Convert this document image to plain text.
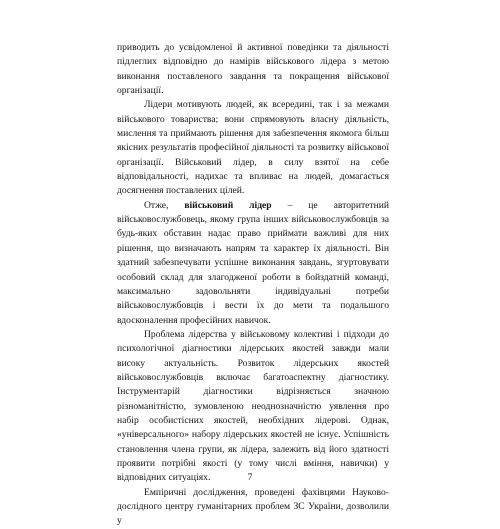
приводить до усвідомленої й активної поведінки та діяльності підлеглих відповідно до намірів військового лідера з метою виконання поставленого завдання та покращення військової організації.

Лідери мотивують людей, як всередині, так і за межами військового товариства; вони спрямовують власну діяльність, мислення та приймають рішення для забезпечення якомога більш якісних результатів професійної діяльності та розвитку військової організації. Військовий лідер, в силу взятої на себе відповідальності, надихає та впливає на людей, домагається досягнення поставлених цілей.

Отже, військовий лідер – це авторитетний військовослужбовець, якому група інших військовослужбовців за будь-яких обставин надає право приймати важливі для них рішення, що визначають напрям та характер їх діяльності. Він здатний забезпечувати успішне виконання завдань, згуртовувати особовий склад для злагодженої роботи в бойздатній команді, максимально задовольняти індивідуальні потреби військовослужбовців і вести їх до мети та подальшого вдосконалення професійних навичок.

Проблема лідерства у військовому колективі і підходи до психологічної діагностики лідерських якостей завжди мали високу актуальність. Розвиток лідерських якостей військовослужбовців включає багатоаспектну діагностику. Інструментарій діагностики відрізняється значною різноманітністю, зумовленою неоднозначністю уявлення про набір особистісних якостей, необхідних лідерові. Однак, «універсального» набору лідерських якостей не існує. Успішність становлення члена групи, як лідера, залежить від його здатності проявити потрібні якості (у тому числі вміння, навички) у відповідних ситуаціях.

Емпіричні дослідження, проведені фахівцями Науково-дослідного центру гуманітарних проблем ЗС України, дозволили у

7
